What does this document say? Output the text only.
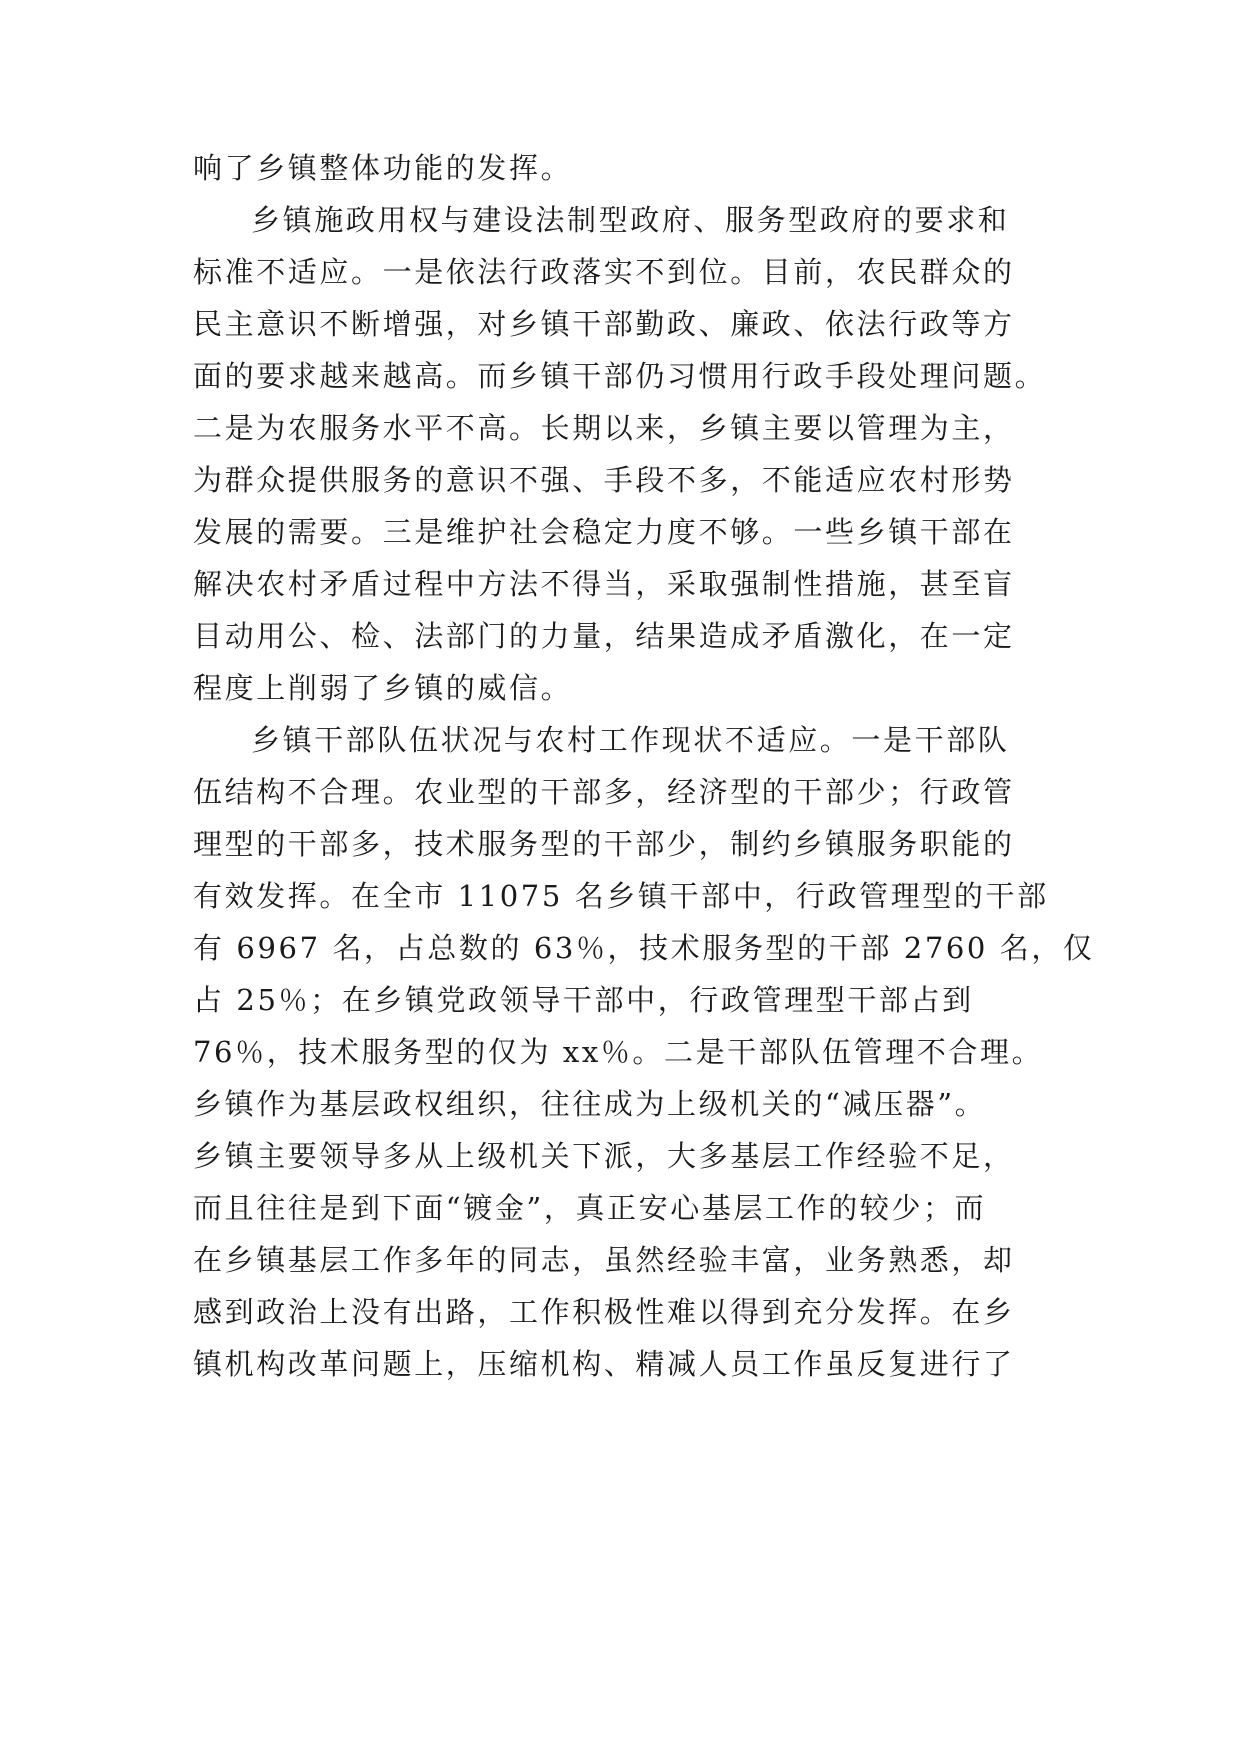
响了乡镇整体功能的发挥。

乡镇施政用权与建设法制型政府、服务型政府的要求和

标准不适应。一是依法行政落实不到位。目前，农民群众的

民主意识不断增强，对乡镇干部勤政、廉政、依法行政等方

面的要求越来越高。而乡镇干部仍习惯用行政手段处理问题。

二是为农服务水平不高。长期以来，乡镇主要以管理为主，

为群众提供服务的意识不强、手段不多，不能适应农村形势

发展的需要。三是维护社会稳定力度不够。一些乡镇干部在

解决农村矛盾过程中方法不得当，采取强制性措施，甚至盲

目动用公、检、法部门的力量，结果造成矛盾激化，在一定

程度上削弱了乡镇的威信。

乡镇干部队伍状况与农村工作现状不适应。一是干部队

伍结构不合理。农业型的干部多，经济型的干部少；行政管

理型的干部多，技术服务型的干部少，制约乡镇服务职能的

有效发挥。在全市 11075 名乡镇干部中，行政管理型的干部

有 6967 名，占总数的 63％，技术服务型的干部 2760 名，仅

占 25％；在乡镇党政领导干部中，行政管理型干部占到

76％，技术服务型的仅为 xx％。二是干部队伍管理不合理。

乡镇作为基层政权组织，往往成为上级机关的“减压器”。

乡镇主要领导多从上级机关下派，大多基层工作经验不足，

而且往往是到下面“镀金”，真正安心基层工作的较少；而

在乡镇基层工作多年的同志，虽然经验丰富，业务熟悉，却

感到政治上没有出路，工作积极性难以得到充分发挥。在乡

镇机构改革问题上，压缩机构、精减人员工作虽反复进行了
